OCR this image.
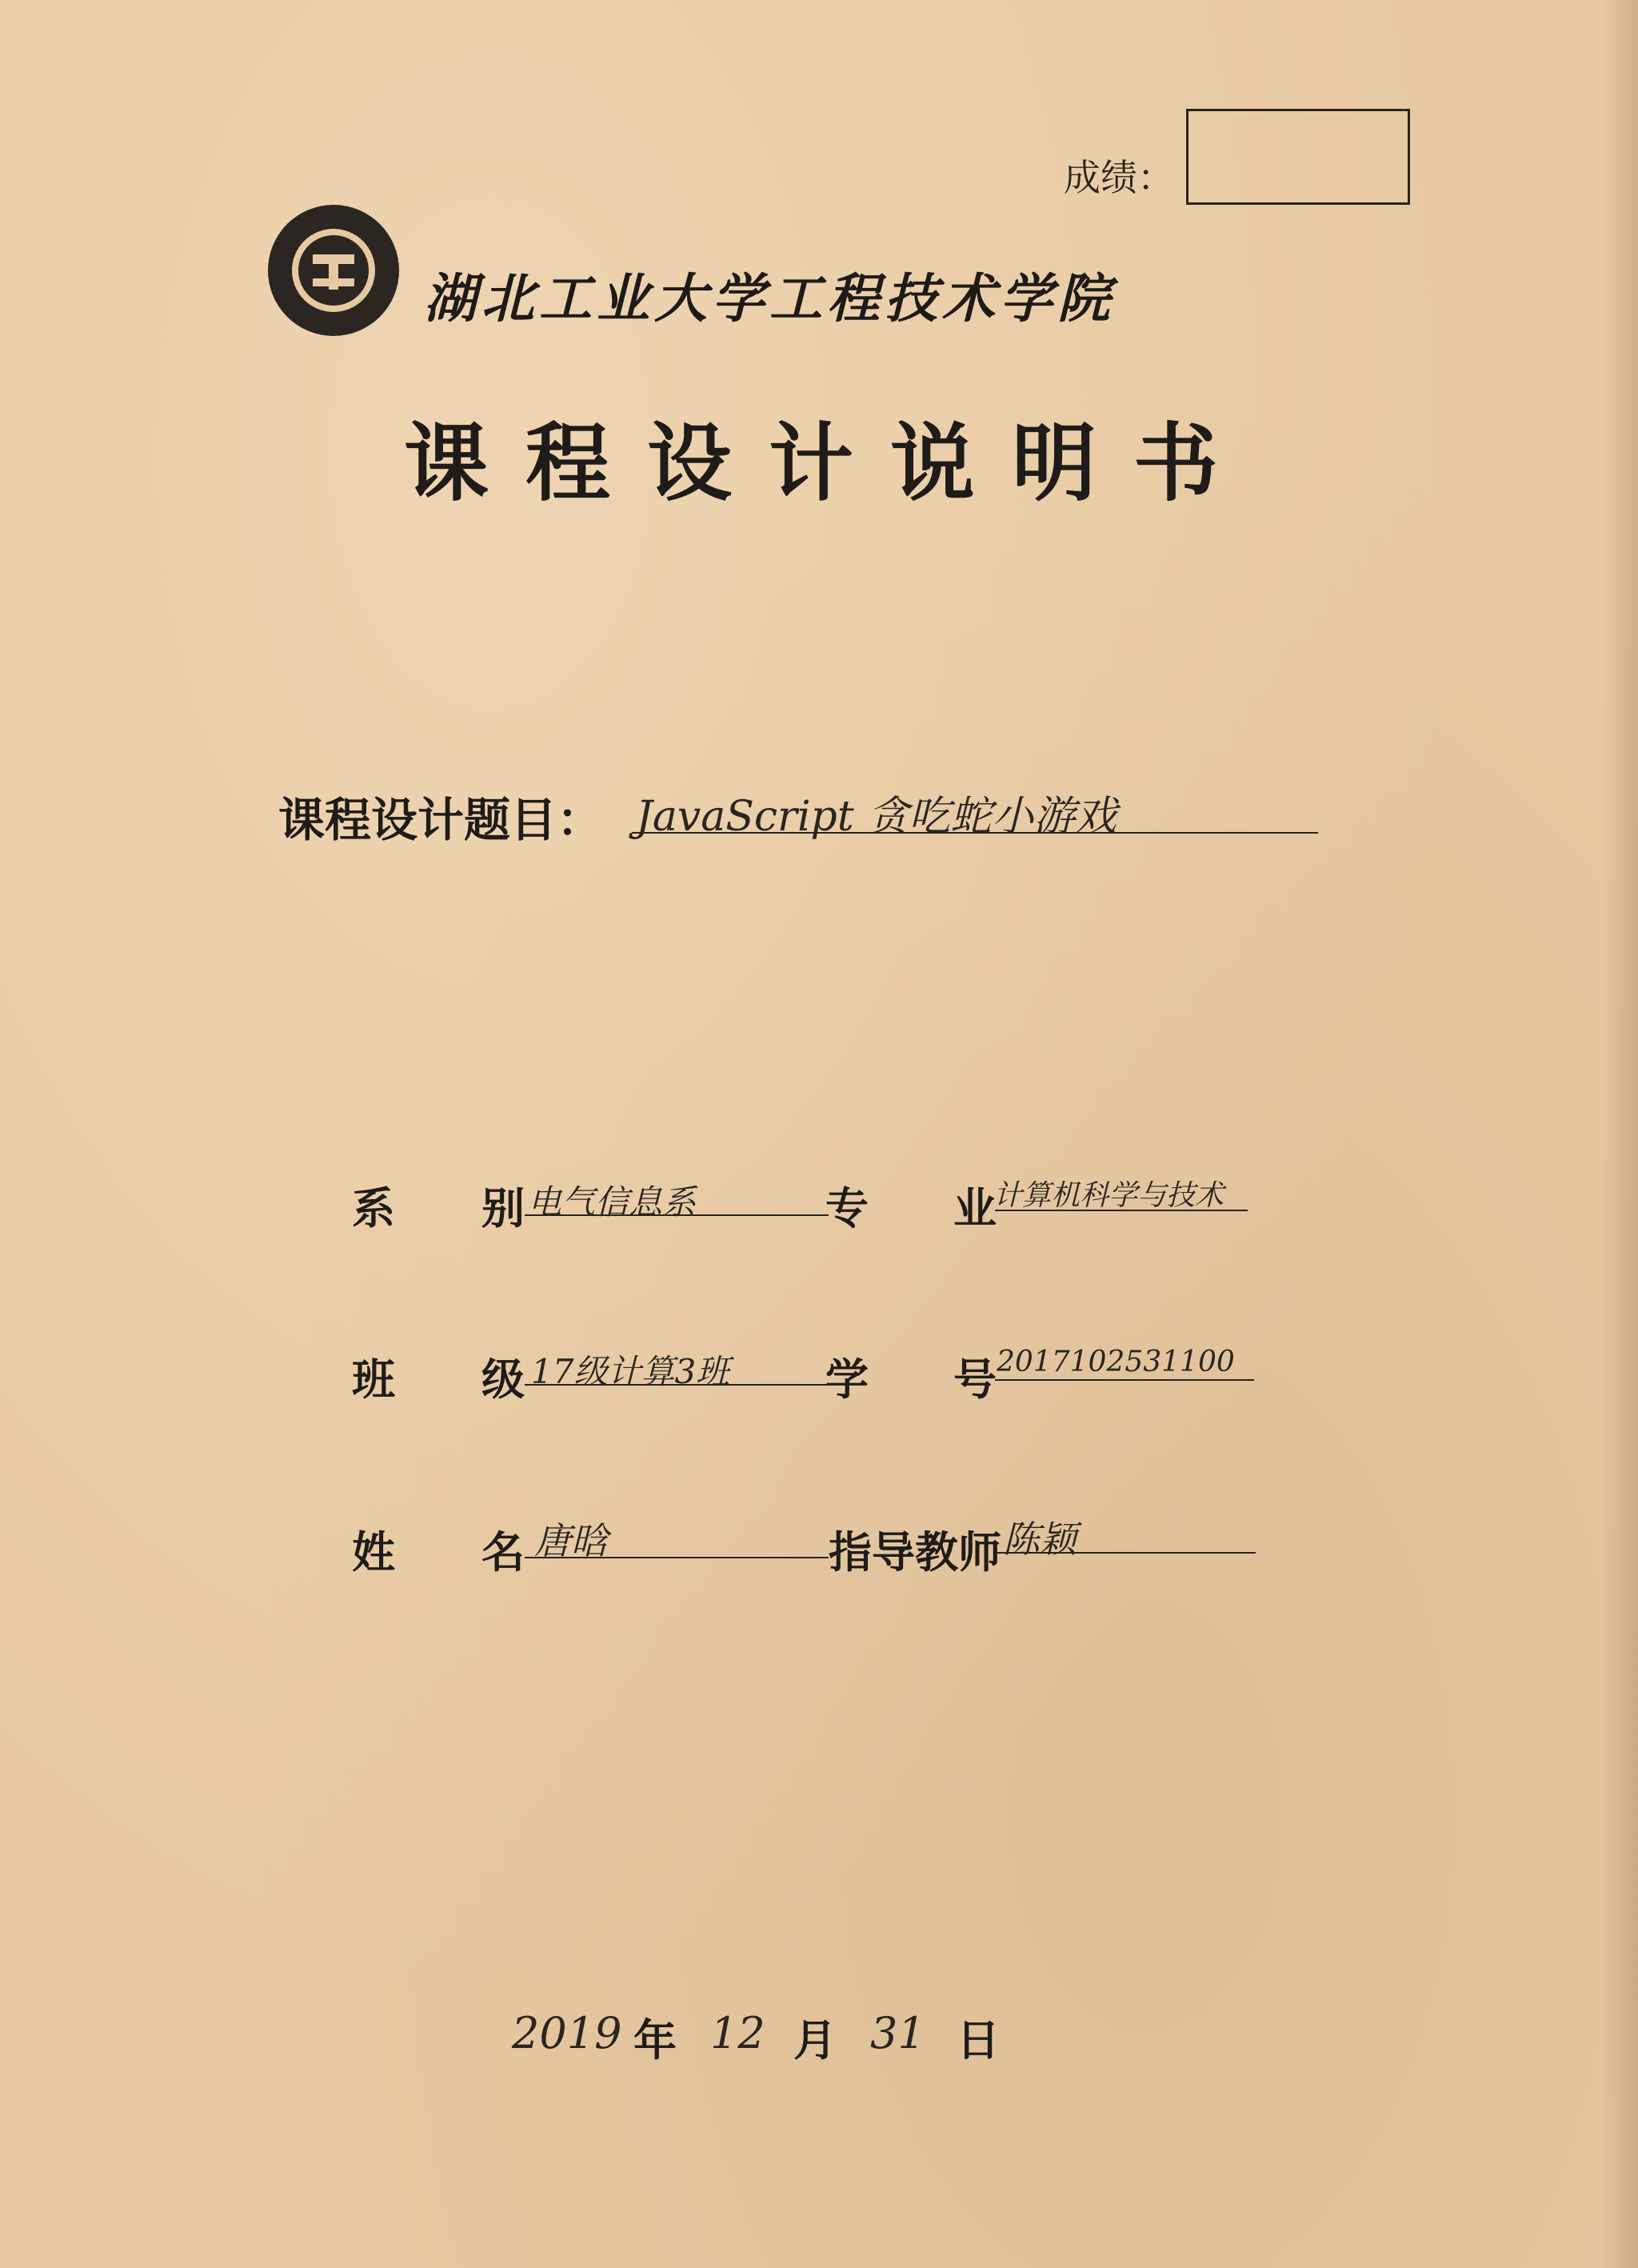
成绩：
湖北工业大学工程技术学院
课程设计说明书
课程设计题目： JavaScript 贪吃蛇小游戏
系 别 电气信息系	专 业
计算机科学与技术
班 级 17级计算3班 学 号 2017102531100
姓 名 唐晗	指导教师 陈颖
2019 年 12 月 31 日
